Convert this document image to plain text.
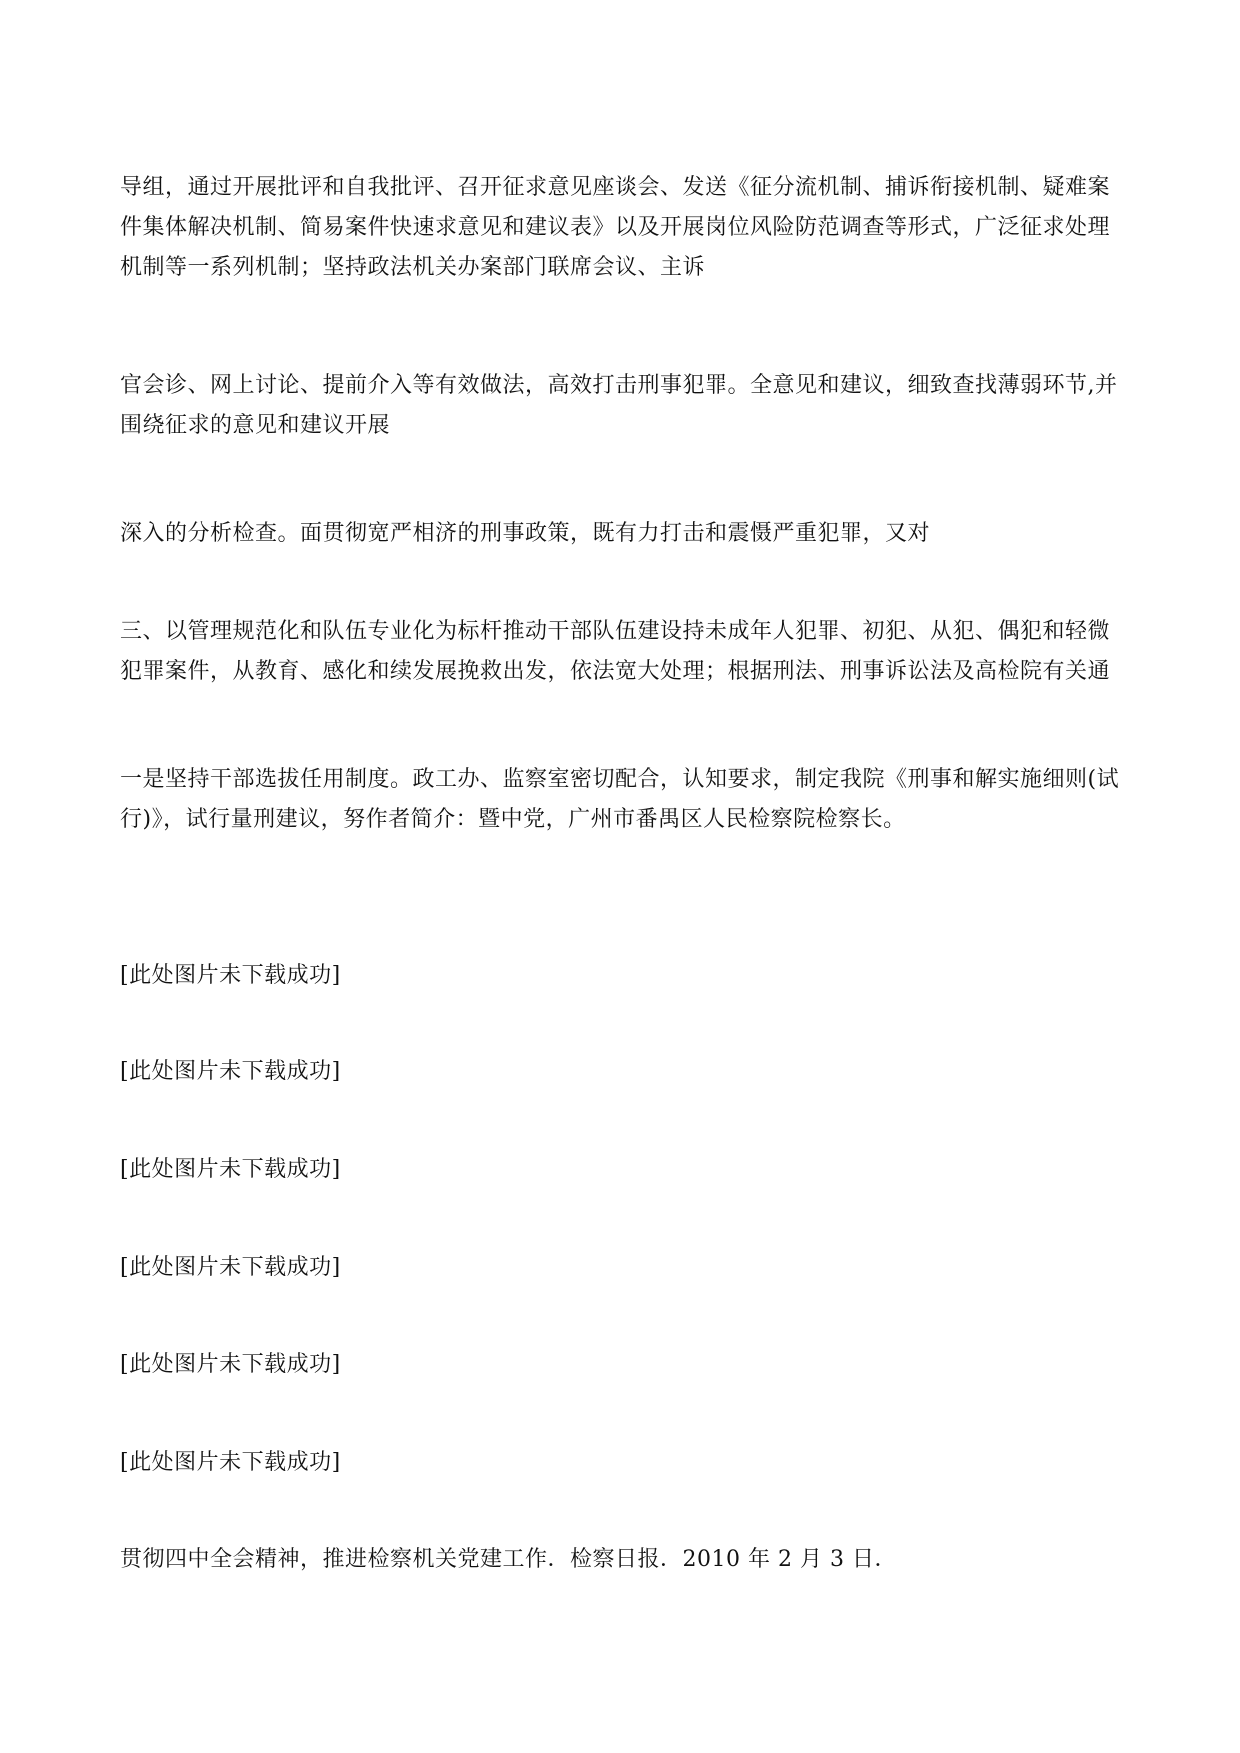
导组，通过开展批评和自我批评、召开征求意见座谈会、发送《征分流机制、捕诉衔接机制、疑难案件集体解决机制、简易案件快速求意见和建议表》以及开展岗位风险防范调查等形式，广泛征求处理机制等一系列机制；坚持政法机关办案部门联席会议、主诉

官会诊、网上讨论、提前介入等有效做法，高效打击刑事犯罪。全意见和建议，细致查找薄弱环节,并围绕征求的意见和建议开展

深入的分析检查。面贯彻宽严相济的刑事政策，既有力打击和震慑严重犯罪，又对

三、以管理规范化和队伍专业化为标杆推动干部队伍建设持未成年人犯罪、初犯、从犯、偶犯和轻微犯罪案件，从教育、感化和续发展挽救出发，依法宽大处理；根据刑法、刑事诉讼法及高检院有关通

一是坚持干部选拔任用制度。政工办、监察室密切配合，认知要求，制定我院《刑事和解实施细则(试行)》，试行量刑建议，努作者简介：暨中党，广州市番禺区人民检察院检察长。

[此处图片未下载成功]

[此处图片未下载成功]

[此处图片未下载成功]

[此处图片未下载成功]

[此处图片未下载成功]

[此处图片未下载成功]

贯彻四中全会精神，推进检察机关党建工作．检察日报．2010 年 2 月 3 日．
